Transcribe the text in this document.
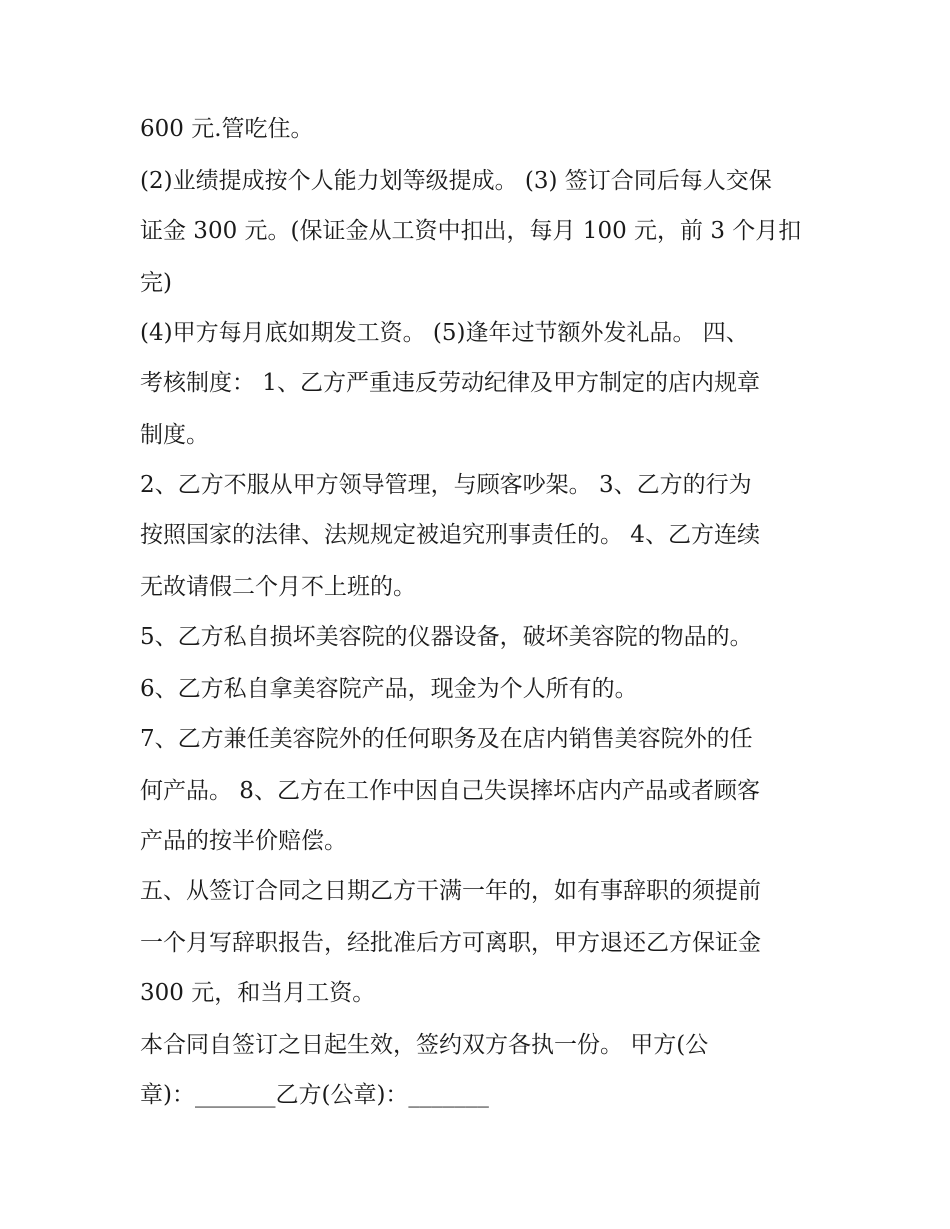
600 元.管吃住。
(2)业绩提成按个人能力划等级提成。 (3) 签订合同后每人交保
证金 300 元。(保证金从工资中扣出，每月 100 元，前 3 个月扣
完)
(4)甲方每月底如期发工资。 (5)逢年过节额外发礼品。 四、
考核制度： 1、乙方严重违反劳动纪律及甲方制定的店内规章
制度。
2、乙方不服从甲方领导管理，与顾客吵架。 3、乙方的行为
按照国家的法律、法规规定被追究刑事责任的。 4、乙方连续
无故请假二个月不上班的。
5、乙方私自损坏美容院的仪器设备，破坏美容院的物品的。
6、乙方私自拿美容院产品，现金为个人所有的。
7、乙方兼任美容院外的任何职务及在店内销售美容院外的任
何产品。 8、乙方在工作中因自己失误摔坏店内产品或者顾客
产品的按半价赔偿。
五、从签订合同之日期乙方干满一年的，如有事辞职的须提前
一个月写辞职报告，经批准后方可离职，甲方退还乙方保证金
300 元，和当月工资。
本合同自签订之日起生效，签约双方各执一份。 甲方(公
章)：_______乙方(公章)：_______
